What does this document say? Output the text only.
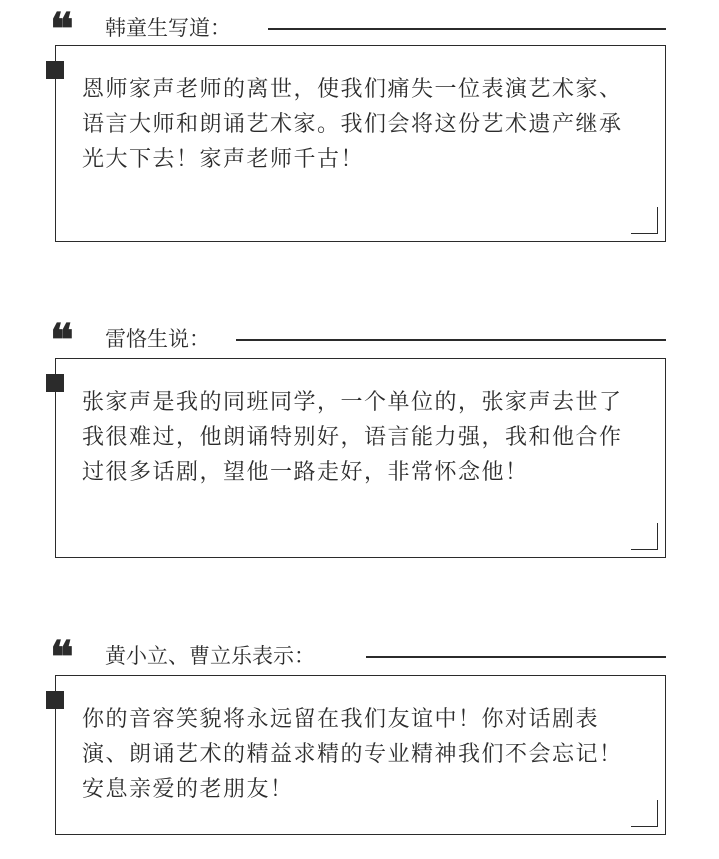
❝ 韩童生写道：
恩师家声老师的离世，使我们痛失一位表演艺术家、语言大师和朗诵艺术家。我们会将这份艺术遗产继承光大下去！家声老师千古！
❝ 雷恪生说：
张家声是我的同班同学，一个单位的，张家声去世了我很难过，他朗诵特别好，语言能力强，我和他合作过很多话剧，望他一路走好，非常怀念他！
❝ 黄小立、曹立乐表示：
你的音容笑貌将永远留在我们友谊中！你对话剧表演、朗诵艺术的精益求精的专业精神我们不会忘记！安息亲爱的老朋友！
